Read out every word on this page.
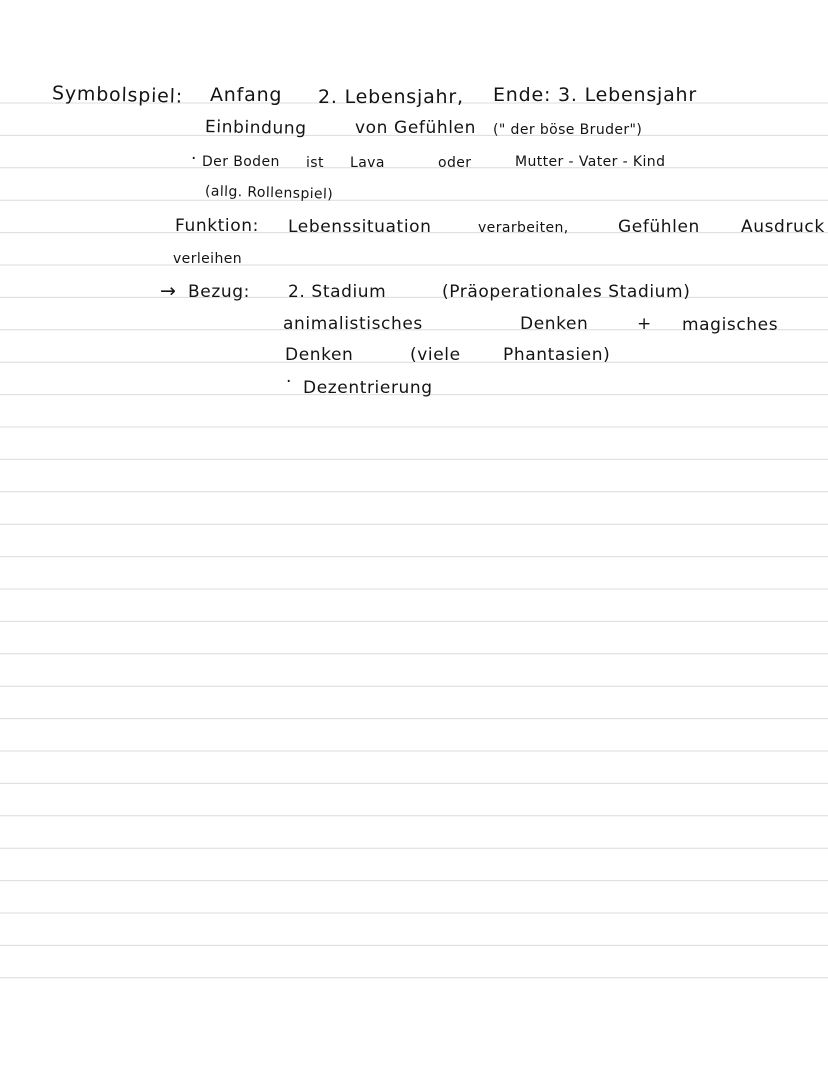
Symbolspiel: Anfang 2. Lebensjahr, Ende: 3. Lebensjahr
Einbindung	von Gefühlen (" der böse Bruder")
· Der Boden ist Lava	oder	Mutter - Vater - Kind
(allg. Rollenspiel)
Funktion: Lebenssituation	verarbeiten,	Gefühlen Ausdruck
verleihen
→ Bezug: 2. Stadium	(Präoperationales Stadium)
animalistisches	Denken	+ magisches
Denken	(viele Phantasien)
· Dezentrierung
